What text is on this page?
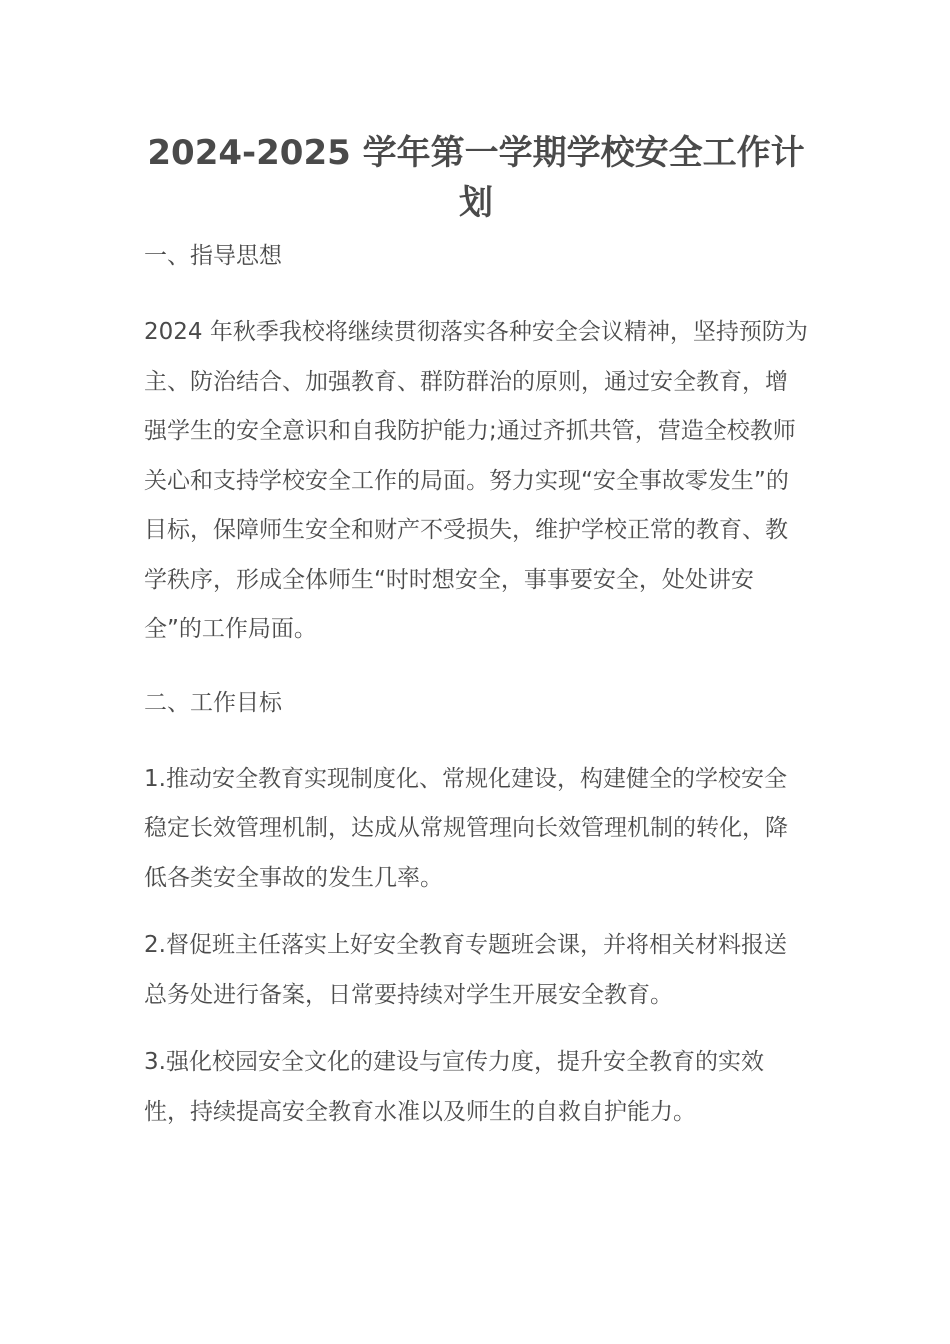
2024-2025 学年第一学期学校安全工作计划
一、指导思想

2024 年秋季我校将继续贯彻落实各种安全会议精神，坚持预防为主、防治结合、加强教育、群防群治的原则，通过安全教育，增强学生的安全意识和自我防护能力;通过齐抓共管，营造全校教师关心和支持学校安全工作的局面。努力实现“安全事故零发生”的目标，保障师生安全和财产不受损失，维护学校正常的教育、教学秩序，形成全体师生“时时想安全，事事要安全，处处讲安全”的工作局面。

二、工作目标

1.推动安全教育实现制度化、常规化建设，构建健全的学校安全稳定长效管理机制，达成从常规管理向长效管理机制的转化，降低各类安全事故的发生几率。

2.督促班主任落实上好安全教育专题班会课，并将相关材料报送总务处进行备案，日常要持续对学生开展安全教育。

3.强化校园安全文化的建设与宣传力度，提升安全教育的实效性，持续提高安全教育水准以及师生的自救自护能力。
